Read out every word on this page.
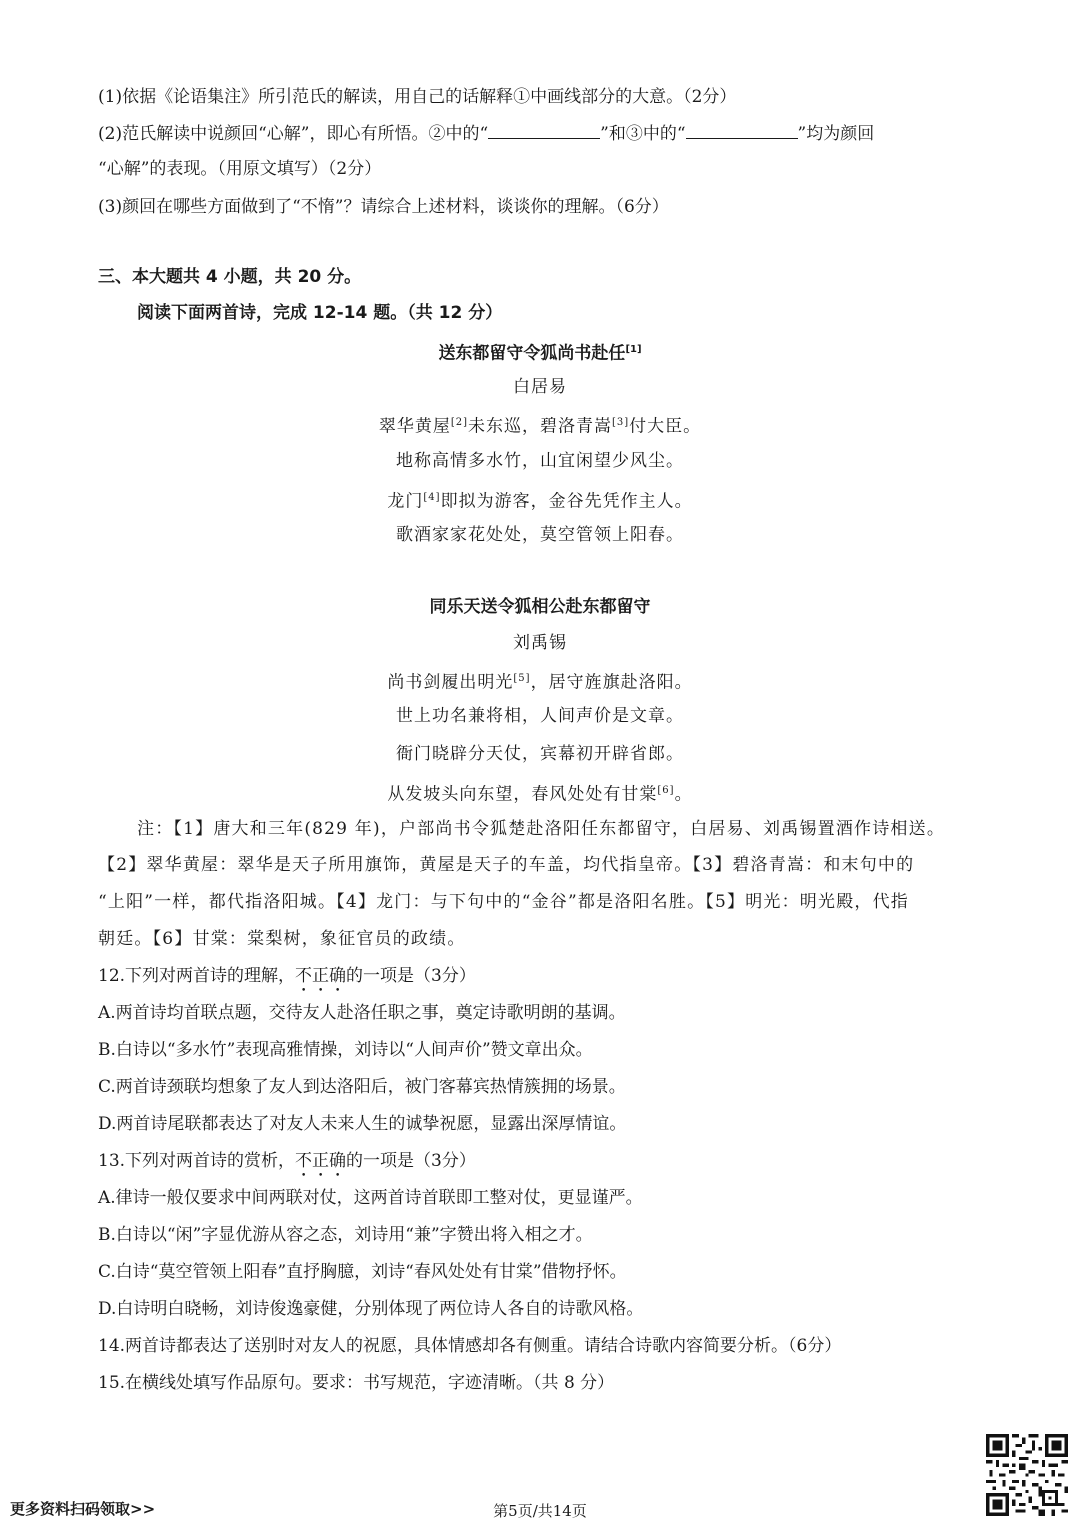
(1)依据《论语集注》所引范氏的解读，用自己的话解释①中画线部分的大意。（2分）
(2)范氏解读中说颜回“心解”，即心有所悟。②中的“	”和③中的“	”均为颜回
“心解”的表现。（用原文填写）（2分）
(3)颜回在哪些方面做到了“不惰”？请综合上述材料，谈谈你的理解。（6分）
三、本大题共 4 小题，共 20 分。
阅读下面两首诗，完成 12-14 题。（共 12 分）
送东都留守令狐尚书赴任[1]
白居易
翠华黄屋[2]未东巡，碧洛青嵩[3]付大臣。
地称高情多水竹，山宜闲望少风尘。
龙门[4]即拟为游客，金谷先凭作主人。
歌酒家家花处处，莫空管领上阳春。
同乐天送令狐相公赴东都留守
刘禹锡
尚书剑履出明光[5]，居守旌旗赴洛阳。
世上功名兼将相，人间声价是文章。
衙门晓辟分天仗，宾幕初开辟省郎。
从发坡头向东望，春风处处有甘棠[6]。
注：【1】唐大和三年(829 年)，户部尚书令狐楚赴洛阳任东都留守，白居易、刘禹锡置酒作诗相送。
【2】翠华黄屋：翠华是天子所用旗饰，黄屋是天子的车盖，均代指皇帝。【3】碧洛青嵩：和末句中的
“上阳”一样，都代指洛阳城。【4】龙门：与下句中的“金谷”都是洛阳名胜。【5】明光：明光殿，代指
朝廷。【6】甘棠：棠梨树，象征官员的政绩。
12.下列对两首诗的理解，不正确的一项是（3分）
A.两首诗均首联点题，交待友人赴洛任职之事，奠定诗歌明朗的基调。
B.白诗以“多水竹”表现高雅情操，刘诗以“人间声价”赞文章出众。
C.两首诗颈联均想象了友人到达洛阳后，被门客幕宾热情簇拥的场景。
D.两首诗尾联都表达了对友人未来人生的诚挚祝愿，显露出深厚情谊。
13.下列对两首诗的赏析，不正确的一项是（3分）
A.律诗一般仅要求中间两联对仗，这两首诗首联即工整对仗，更显谨严。
B.白诗以“闲”字显优游从容之态，刘诗用“兼”字赞出将入相之才。
C.白诗“莫空管领上阳春”直抒胸臆，刘诗“春风处处有甘棠”借物抒怀。
D.白诗明白晓畅，刘诗俊逸豪健，分别体现了两位诗人各自的诗歌风格。
14.两首诗都表达了送别时对友人的祝愿，具体情感却各有侧重。请结合诗歌内容简要分析。（6分）
15.在横线处填写作品原句。要求：书写规范，字迹清晰。（共 8 分）
更多资料扫码领取>>	第5页/共14页
